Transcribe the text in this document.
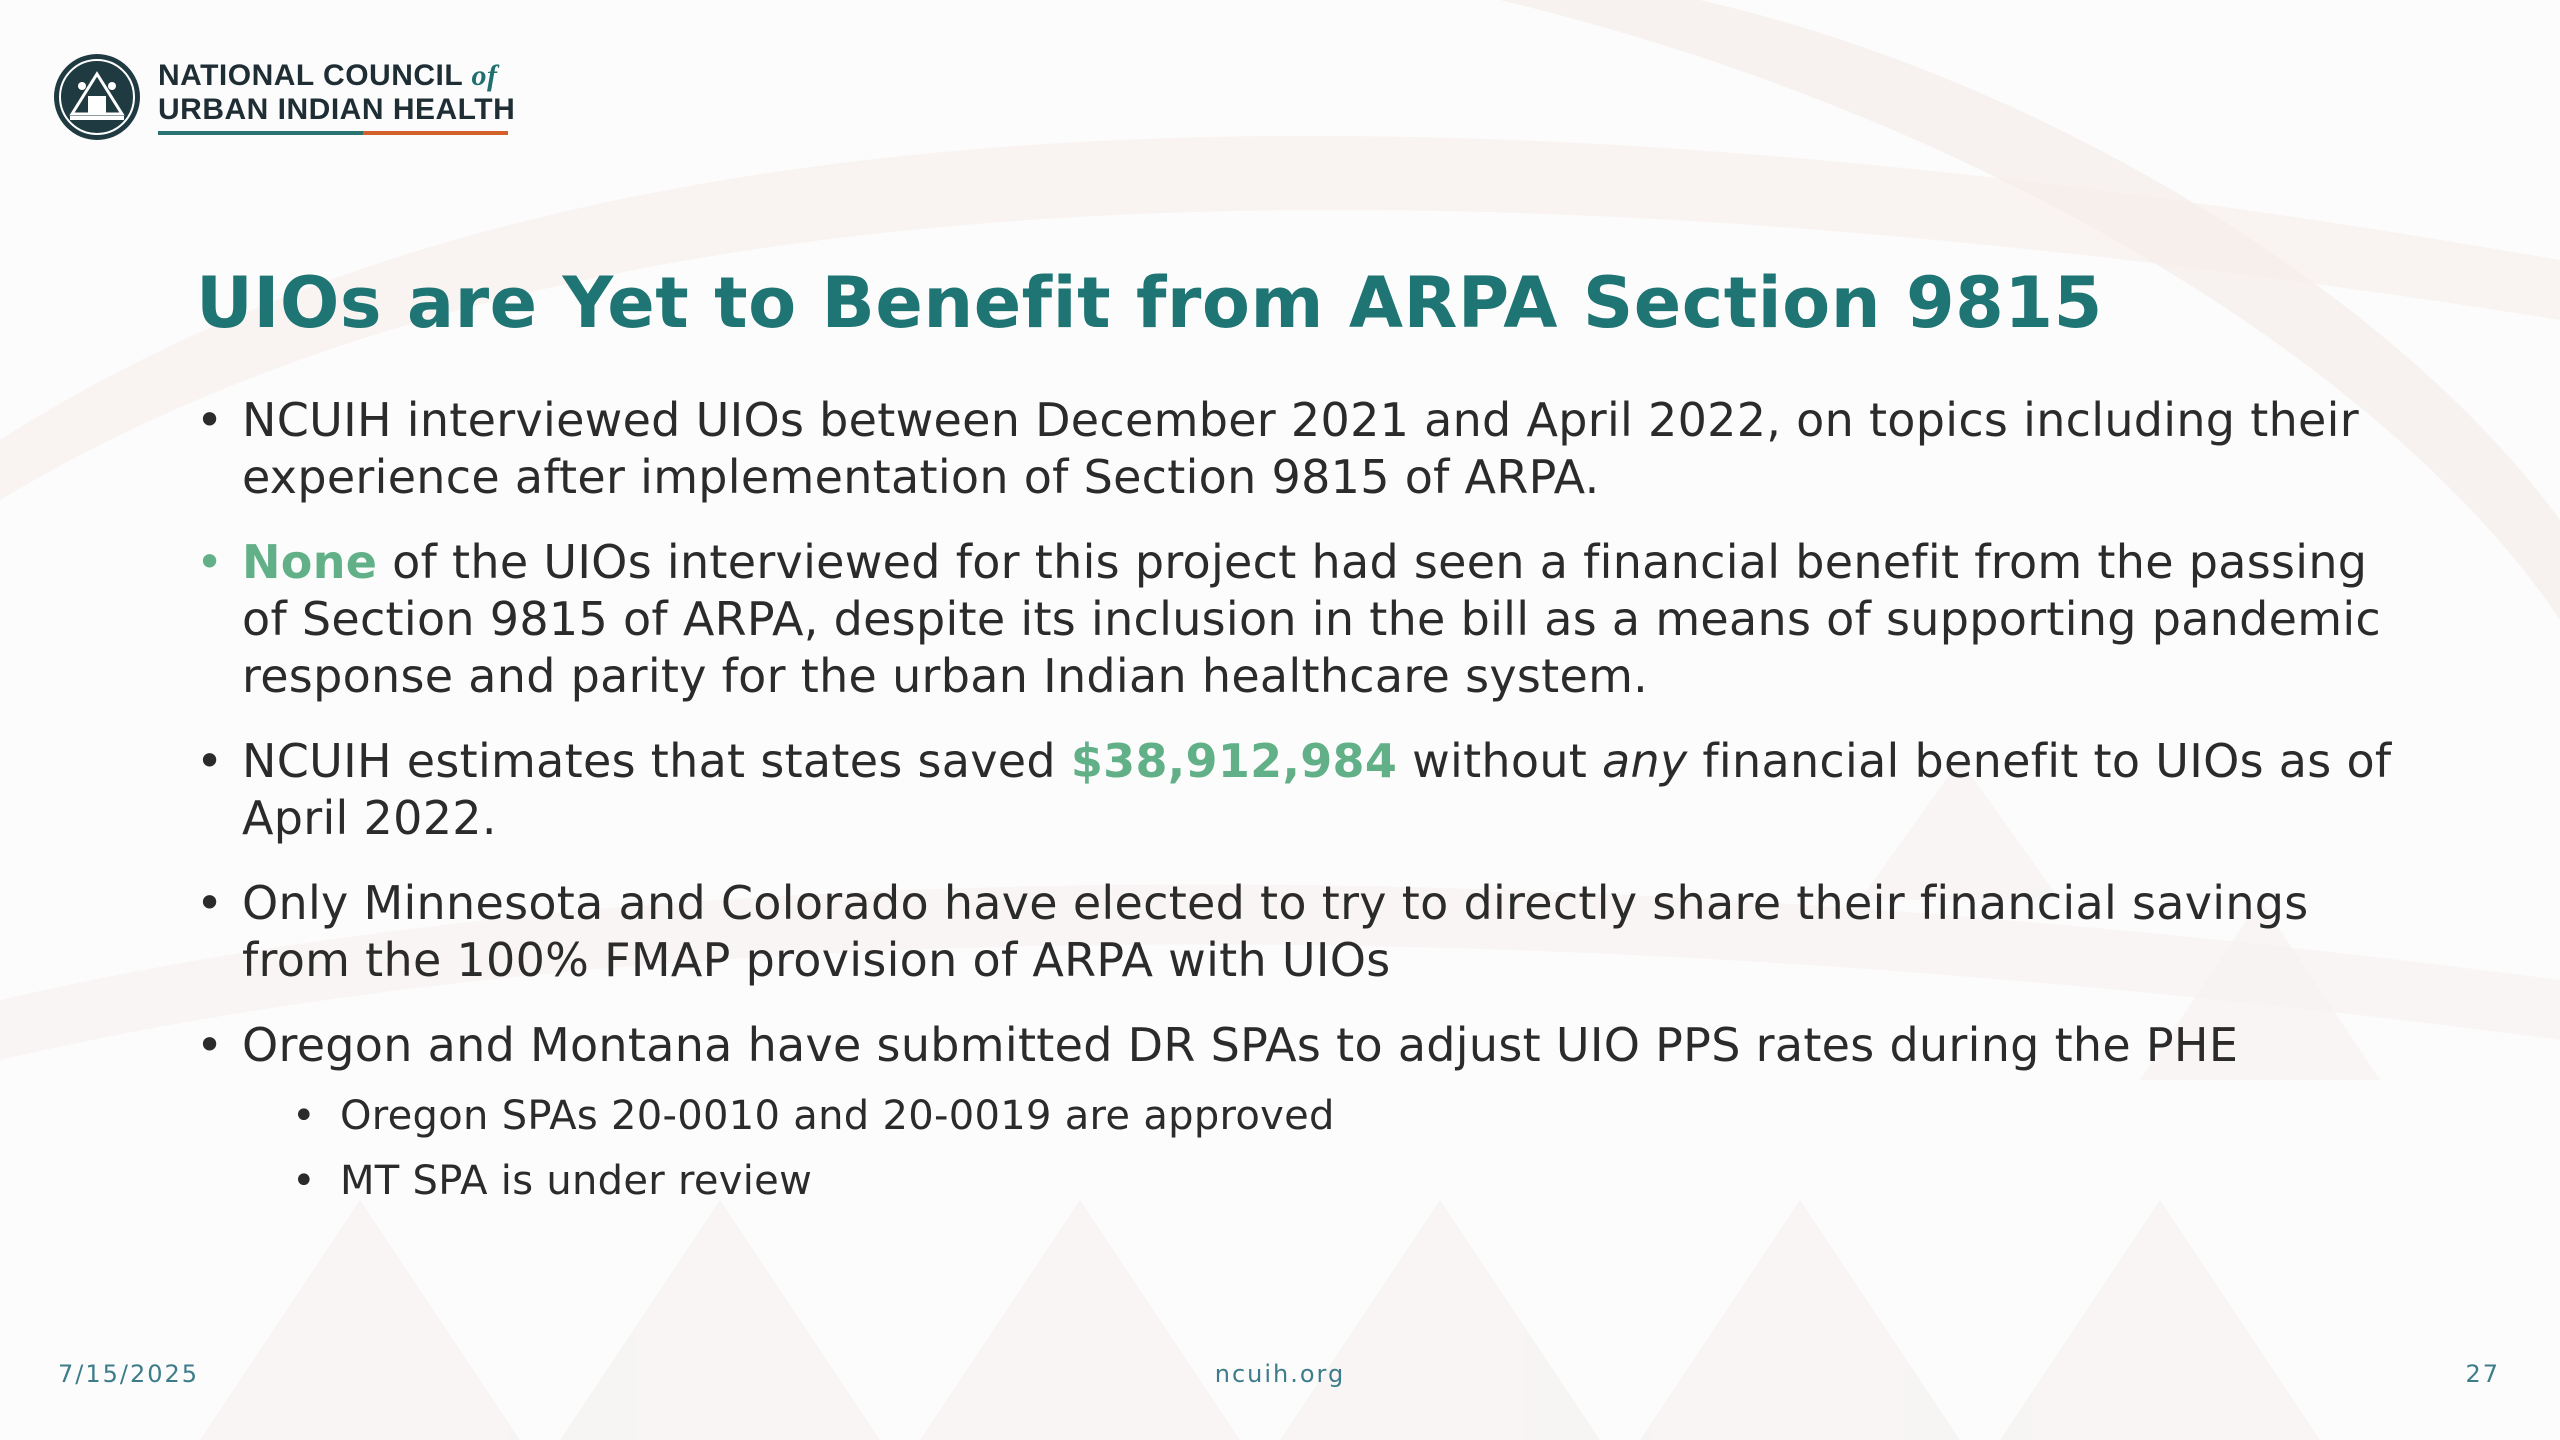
NATIONAL COUNCIL of
URBAN INDIAN HEALTH
UIOs are Yet to Benefit from ARPA Section 9815
• NCUIH interviewed UIOs between December 2021 and April 2022, on topics including their experience after implementation of Section 9815 of ARPA.
• None of the UIOs interviewed for this project had seen a financial benefit from the passing of Section 9815 of ARPA, despite its inclusion in the bill as a means of supporting pandemic response and parity for the urban Indian healthcare system.
• NCUIH estimates that states saved $38,912,984 without any financial benefit to UIOs as of April 2022.
• Only Minnesota and Colorado have elected to try to directly share their financial savings from the 100% FMAP provision of ARPA with UIOs
• Oregon and Montana have submitted DR SPAs to adjust UIO PPS rates during the PHE
• Oregon SPAs 20-0010 and 20-0019 are approved
• MT SPA is under review
7/15/2025	ncuih.org	27
